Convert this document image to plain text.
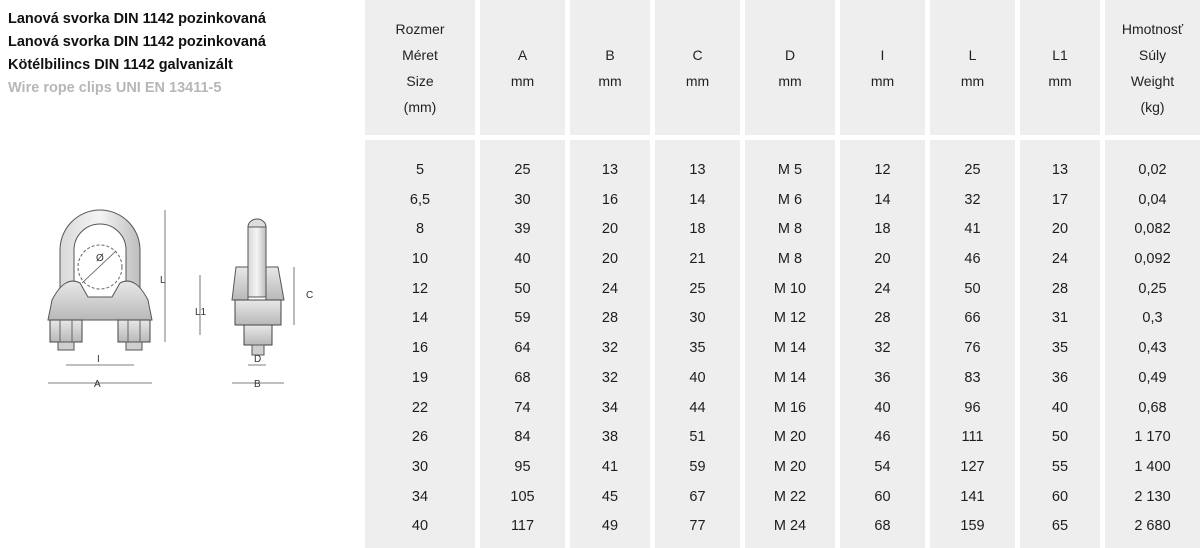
Lanová svorka DIN 1142 pozinkovaná
Lanová svorka DIN 1142 pozinkovaná
Kötélbilincs DIN 1142 galvanizált
Wire rope clips UNI EN 13411-5
Ø
I
A
L
L1
C
D
B
Rozmer
Méret
Size
(mm)
5
6,5
8
10
12
14
16
19
22
26
30
34
40
A
mm
25
30
39
40
50
59
64
68
74
84
95
105
117
B
mm
13
16
20
20
24
28
32
32
34
38
41
45
49
C
mm
13
14
18
21
25
30
35
40
44
51
59
67
77
D
mm
M 5
M 6
M 8
M 8
M 10
M 12
M 14
M 14
M 16
M 20
M 20
M 22
M 24
I
mm
12
14
18
20
24
28
32
36
40
46
54
60
68
L
mm
25
32
41
46
50
66
76
83
96
111
127
141
159
L1
mm
13
17
20
24
28
31
35
36
40
50
55
60
65
Hmotnosť
Súly
Weight
(kg)
0,02
0,04
0,082
0,092
0,25
0,3
0,43
0,49
0,68
1 170
1 400
2 130
2 680
